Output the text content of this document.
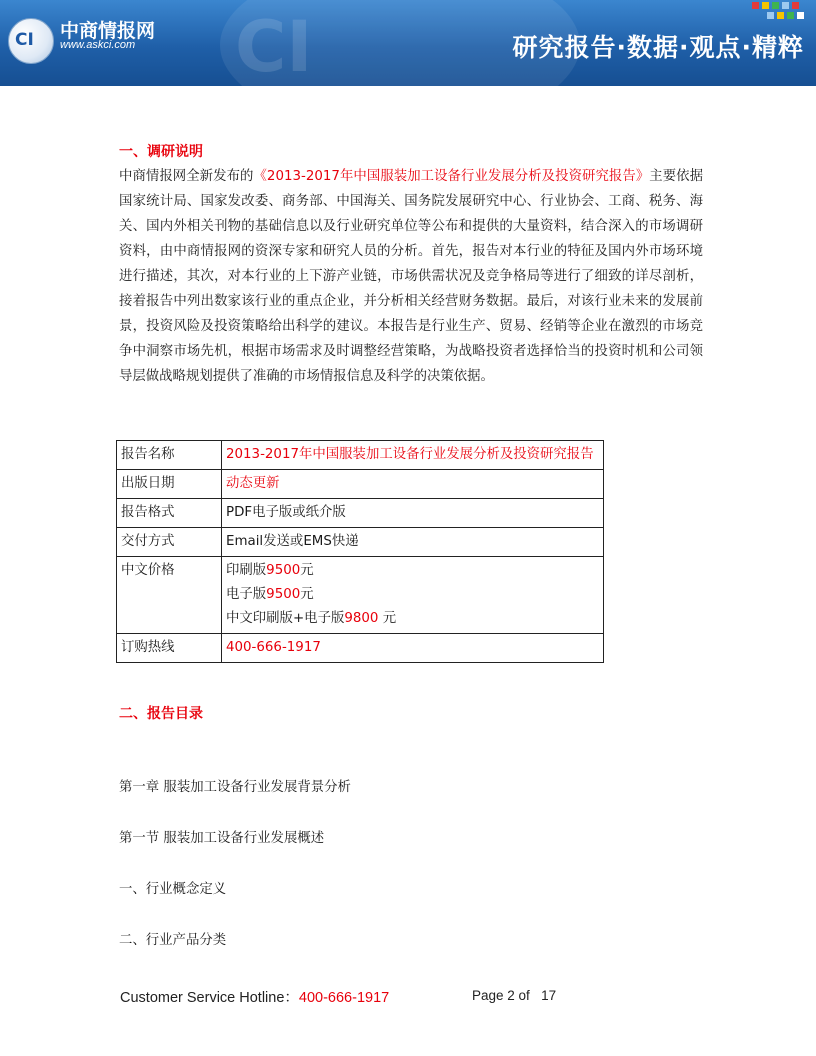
CI
CI 中商情报网
www.askci.com	研究报告·数据·观点·精粹
一、调研说明

中商情报网全新发布的《2013-2017年中国服装加工设备行业发展分析及投资研究报告》主要依据国家统计局、国家发改委、商务部、中国海关、国务院发展研究中心、行业协会、工商、税务、海关、国内外相关刊物的基础信息以及行业研究单位等公布和提供的大量资料，结合深入的市场调研资料，由中商情报网的资深专家和研究人员的分析。首先，报告对本行业的特征及国内外市场环境进行描述，其次，对本行业的上下游产业链，市场供需状况及竞争格局等进行了细致的详尽剖析，接着报告中列出数家该行业的重点企业，并分析相关经营财务数据。最后，对该行业未来的发展前景，投资风险及投资策略给出科学的建议。本报告是行业生产、贸易、经销等企业在激烈的市场竞争中洞察市场先机，根据市场需求及时调整经营策略，为战略投资者选择恰当的投资时机和公司领导层做战略规划提供了准确的市场情报信息及科学的决策依据。

报告名称	2013-2017年中国服装加工设备行业发展分析及投资研究报告
出版日期	动态更新
报告格式	PDF电子版或纸介版
交付方式	Email发送或EMS快递
中文价格	印刷版9500元
电子版9500元
中文印刷版+电子版9800 元

订购热线	400-666-1917
二、报告目录
第一章 服装加工设备行业发展背景分析
第一节 服装加工设备行业发展概述
一、行业概念定义
二、行业产品分类
Customer Service Hotline：400-666-1917	Page 2 of 17
